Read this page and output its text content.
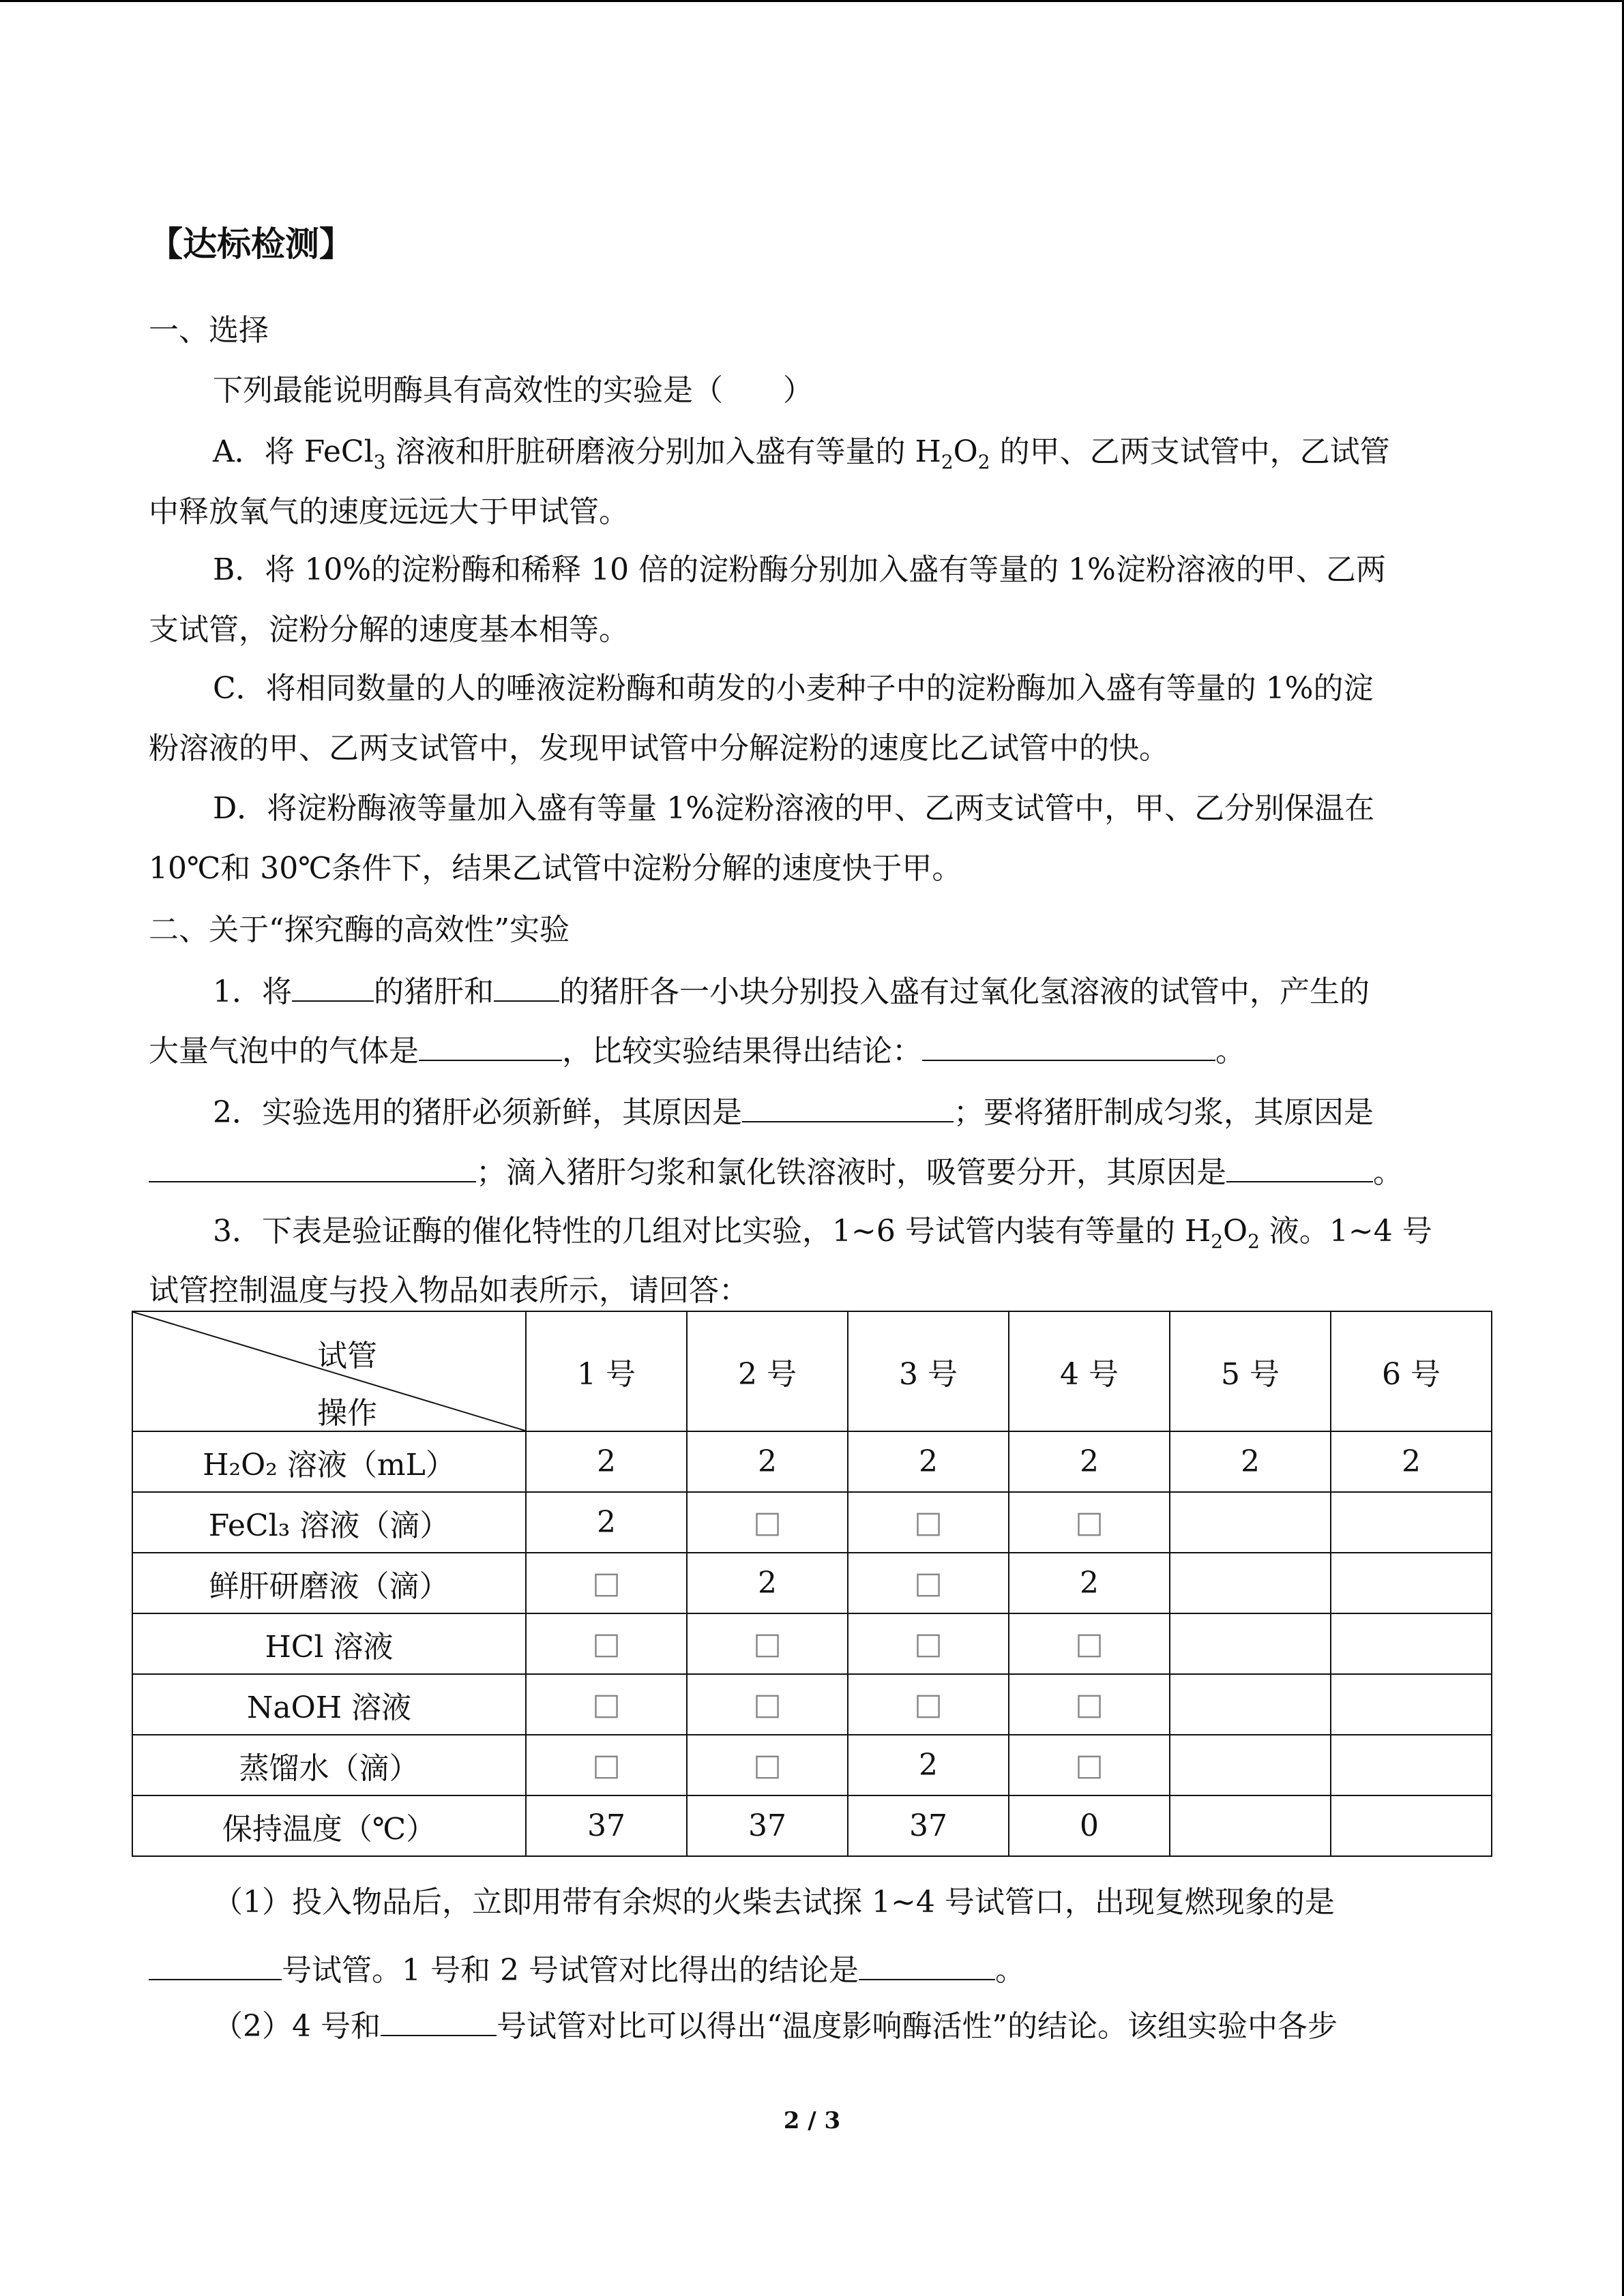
【达标检测】
一、选择
下列最能说明酶具有高效性的实验是（　　）
A．将 FeCl$_3$ 溶液和肝脏研磨液分别加入盛有等量的 $H_2O_2$ 的甲、乙两支试管中，乙试管
中释放氧气的速度远远大于甲试管。
B．将 10%的淀粉酶和稀释 10 倍的淀粉酶分别加入盛有等量的 1%淀粉溶液的甲、乙两
支试管，淀粉分解的速度基本相等。
C．将相同数量的人的唾液淀粉酶和萌发的小麦种子中的淀粉酶加入盛有等量的 1%的淀
粉溶液的甲、乙两支试管中，发现甲试管中分解淀粉的速度比乙试管中的快。
D．将淀粉酶液等量加入盛有等量 1%淀粉溶液的甲、乙两支试管中，甲、乙分别保温在
10℃和 30℃条件下，结果乙试管中淀粉分解的速度快于甲。
二、关于“探究酶的高效性”实验
1．将	的猪肝和 的猪肝各一小块分别投入盛有过氧化氢溶液的试管中，产生的
大量气泡中的气体是	，比较实验结果得出结论：	。
2．实验选用的猪肝必须新鲜，其原因是	；要将猪肝制成匀浆，其原因是
；滴入猪肝匀浆和氯化铁溶液时，吸管要分开，其原因是	。
3．下表是验证酶的催化特性的几组对比实验，1~6 号试管内装有等量的 $H_2O_2$ 液。1~4 号
试管控制温度与投入物品如表所示，请回答：
试管
操作	1 号	2 号	3 号	4 号	5 号	6 号
H₂O₂ 溶液（mL）	2	2	2	2	2	2
FeCl₃ 溶液（滴）	2	□	□	□		
鲜肝研磨液（滴）	□	2	□	2		
HCl 溶液	□	□	□	□		
NaOH 溶液	□	□	□	□		
蒸馏水（滴）	□	□	2	□		
保持温度（℃）	37	37	37	0		
（1）投入物品后，立即用带有余烬的火柴去试探 1~4 号试管口，出现复燃现象的是
号试管。1 号和 2 号试管对比得出的结论是	。
（2）4 号和	号试管对比可以得出“温度影响酶活性”的结论。该组实验中各步
2 / 3
